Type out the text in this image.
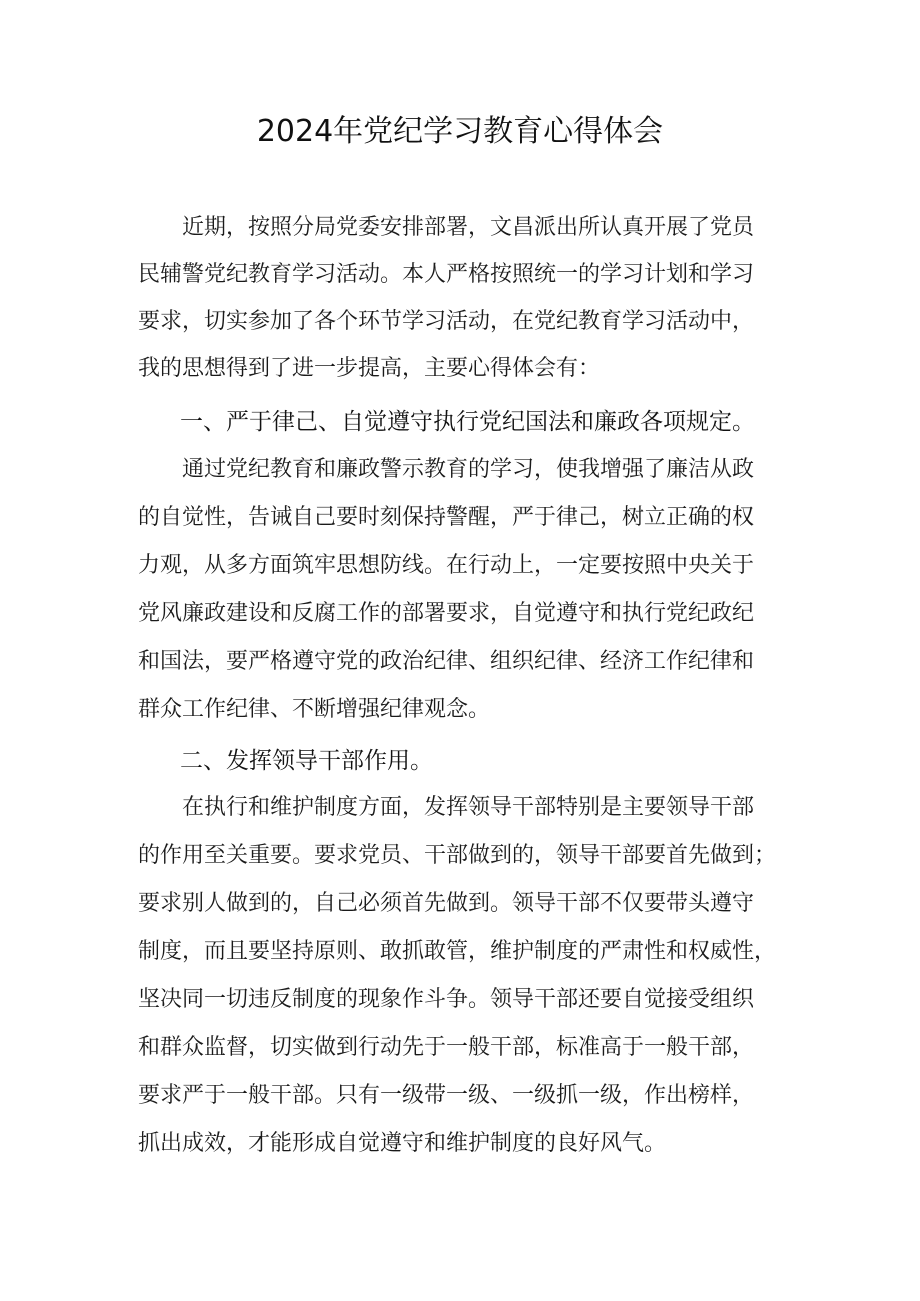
2024年党纪学习教育心得体会
近期，按照分局党委安排部署，文昌派出所认真开展了党员
民辅警党纪教育学习活动。本人严格按照统一的学习计划和学习
要求，切实参加了各个环节学习活动，在党纪教育学习活动中，
我的思想得到了进一步提高，主要心得体会有：
一、严于律己、自觉遵守执行党纪国法和廉政各项规定。
通过党纪教育和廉政警示教育的学习，使我增强了廉洁从政
的自觉性，告诫自己要时刻保持警醒，严于律己，树立正确的权
力观，从多方面筑牢思想防线。在行动上，一定要按照中央关于
党风廉政建设和反腐工作的部署要求，自觉遵守和执行党纪政纪
和国法，要严格遵守党的政治纪律、组织纪律、经济工作纪律和
群众工作纪律、不断增强纪律观念。
二、发挥领导干部作用。
在执行和维护制度方面，发挥领导干部特别是主要领导干部
的作用至关重要。要求党员、干部做到的，领导干部要首先做到；
要求别人做到的，自己必须首先做到。领导干部不仅要带头遵守
制度，而且要坚持原则、敢抓敢管，维护制度的严肃性和权威性，
坚决同一切违反制度的现象作斗争。领导干部还要自觉接受组织
和群众监督，切实做到行动先于一般干部，标准高于一般干部，
要求严于一般干部。只有一级带一级、一级抓一级，作出榜样，
抓出成效，才能形成自觉遵守和维护制度的良好风气。
